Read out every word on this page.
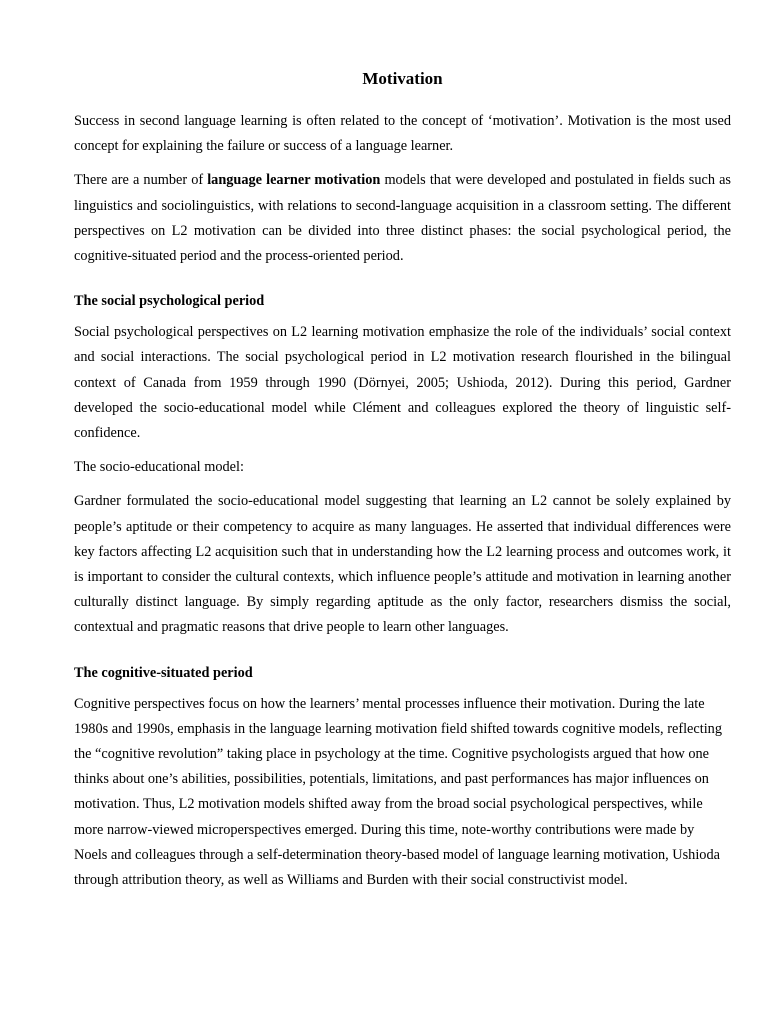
Motivation

Success in second language learning is often related to the concept of ‘motivation’. Motivation is the most used concept for explaining the failure or success of a language learner.

There are a number of language learner motivation models that were developed and postulated in fields such as linguistics and sociolinguistics, with relations to second-language acquisition in a classroom setting. The different perspectives on L2 motivation can be divided into three distinct phases: the social psychological period, the cognitive-situated period and the process-oriented period.

The social psychological period

Social psychological perspectives on L2 learning motivation emphasize the role of the individuals’ social context and social interactions. The social psychological period in L2 motivation research flourished in the bilingual context of Canada from 1959 through 1990 (Dörnyei, 2005; Ushioda, 2012). During this period, Gardner developed the socio-educational model while Clément and colleagues explored the theory of linguistic self-confidence.

The socio-educational model:

Gardner formulated the socio-educational model suggesting that learning an L2 cannot be solely explained by people’s aptitude or their competency to acquire as many languages. He asserted that individual differences were key factors affecting L2 acquisition such that in understanding how the L2 learning process and outcomes work, it is important to consider the cultural contexts, which influence people’s attitude and motivation in learning another culturally distinct language. By simply regarding aptitude as the only factor, researchers dismiss the social, contextual and pragmatic reasons that drive people to learn other languages.

The cognitive-situated period

Cognitive perspectives focus on how the learners’ mental processes influence their motivation. During the late 1980s and 1990s, emphasis in the language learning motivation field shifted towards cognitive models, reflecting the “cognitive revolution” taking place in psychology at the time. Cognitive psychologists argued that how one thinks about one’s abilities, possibilities, potentials, limitations, and past performances has major influences on motivation. Thus, L2 motivation models shifted away from the broad social psychological perspectives, while more narrow-viewed microperspectives emerged. During this time, note-worthy contributions were made by Noels and colleagues through a self-determination theory-based model of language learning motivation, Ushioda through attribution theory, as well as Williams and Burden with their social constructivist model.
